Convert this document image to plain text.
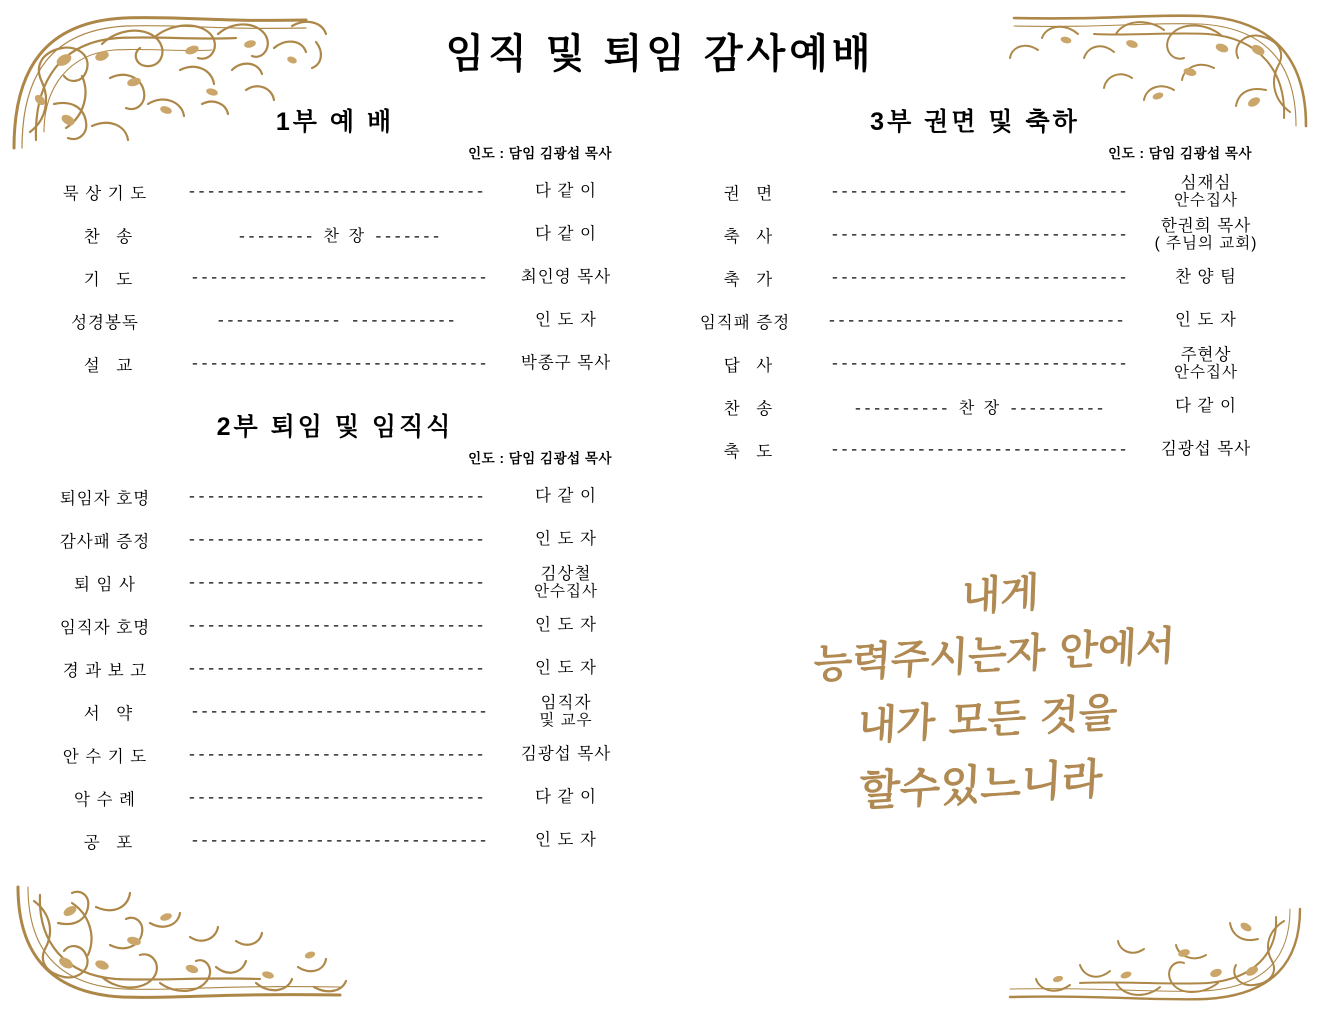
임직 및 퇴임 감사예배
1부 예 배
인도 : 담임 김광섭 목사
묵 상 기 도	-------------------------------	다 같 이
찬 송	-------- 찬 장 -------	다 같 이
기 도	-------------------------------	최인영 목사
성경봉독	------------- -----------	인 도 자
설 교	-------------------------------	박종구 목사
2부 퇴임 및 임직식
인도 : 담임 김광섭 목사
퇴임자 호명	-------------------------------	다 같 이
감사패 증정	-------------------------------	인 도 자
퇴 임 사	-------------------------------	김상철
안수집사
임직자 호명	-------------------------------	인 도 자
경 과 보 고	-------------------------------	인 도 자
서 약	-------------------------------	임직자
및 교우
안 수 기 도	-------------------------------	김광섭 목사
악 수 례	-------------------------------	다 같 이
공 포	-------------------------------	인 도 자
3부 권면 및 축하
인도 : 담임 김광섭 목사
권 면	-------------------------------	심재심
안수집사
축 사	-------------------------------	한권희 목사
( 주님의 교회)
축 가	-------------------------------	찬 양 팀
임직패 증정	-------------------------------	인 도 자
답 사	-------------------------------	주현상
안수집사
찬 송	---------- 찬 장 ----------	다 같 이
축 도	-------------------------------	김광섭 목사
내게
능력주시는자 안에서
내가 모든 것을
할수있느니라
